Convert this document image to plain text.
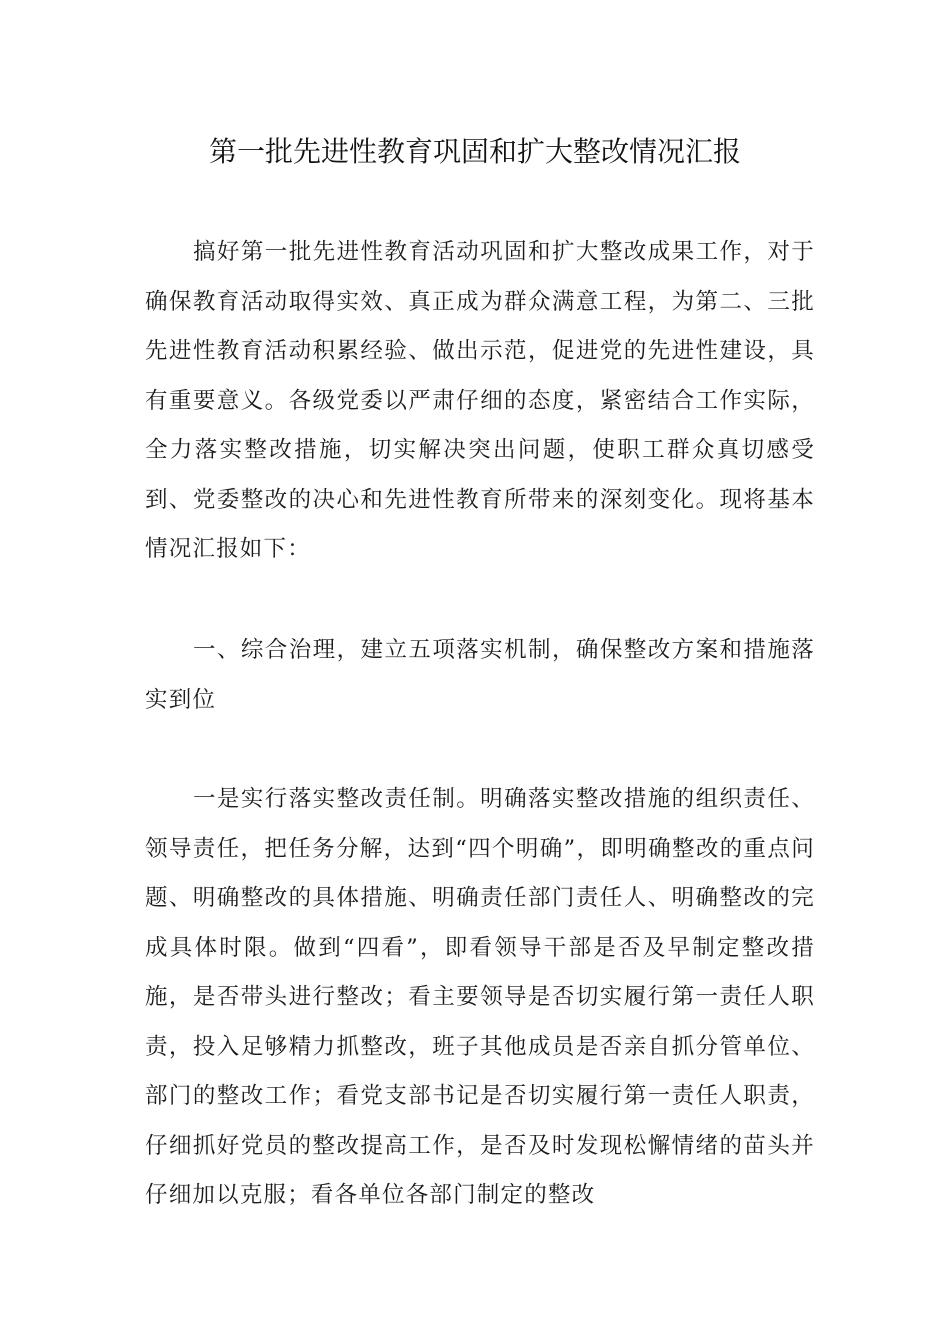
第一批先进性教育巩固和扩大整改情况汇报

搞好第一批先进性教育活动巩固和扩大整改成果工作，对于确保教育活动取得实效、真正成为群众满意工程，为第二、三批先进性教育活动积累经验、做出示范，促进党的先进性建设，具有重要意义。各级党委以严肃仔细的态度，紧密结合工作实际，全力落实整改措施，切实解决突出问题，使职工群众真切感受到、党委整改的决心和先进性教育所带来的深刻变化。现将基本情况汇报如下：

一、综合治理，建立五项落实机制，确保整改方案和措施落实到位

一是实行落实整改责任制。明确落实整改措施的组织责任、领导责任，把任务分解，达到“四个明确”，即明确整改的重点问题、明确整改的具体措施、明确责任部门责任人、明确整改的完成具体时限。做到“四看”，即看领导干部是否及早制定整改措施，是否带头进行整改；看主要领导是否切实履行第一责任人职责，投入足够精力抓整改，班子其他成员是否亲自抓分管单位、部门的整改工作；看党支部书记是否切实履行第一责任人职责，仔细抓好党员的整改提高工作，是否及时发现松懈情绪的苗头并仔细加以克服；看各单位各部门制定的整改
